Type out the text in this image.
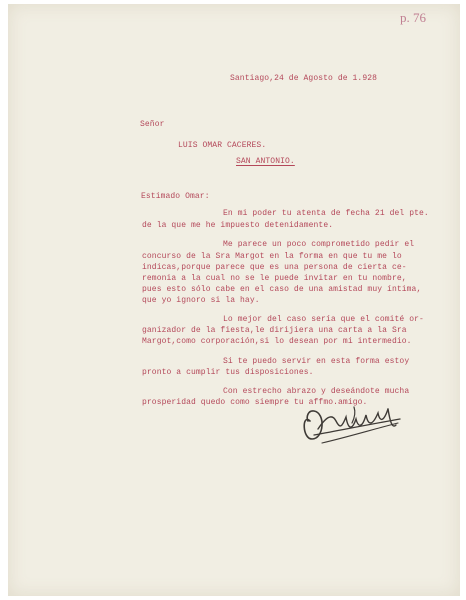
p. 76
Santiago,24 de Agosto de 1.928
Señor
LUIS OMAR CACERES.
SAN ANTONIO.
Estimado Omar:
En mi poder tu atenta de fecha 21 del pte.
de la que me he impuesto detenidamente.
Me parece un poco comprometido pedir el
concurso de la Sra Margot en la forma en que tu me lo
indicas,porque parece que es una persona de cierta ce-
remonia a la cual no se le puede invitar en tu nombre,
pues esto sólo cabe en el caso de una amistad muy íntima,
que yo ignoro si la hay.
Lo mejor del caso sería que el comité or-
ganizador de la fiesta,le dirijiera una carta a la Sra
Margot,como corporación,si lo desean por mi intermedio.
Si te puedo servir en esta forma estoy
pronto a cumplir tus disposiciones.
Con estrecho abrazo y deseándote mucha
prosperidad quedo como siempre tu affmo.amigo.
